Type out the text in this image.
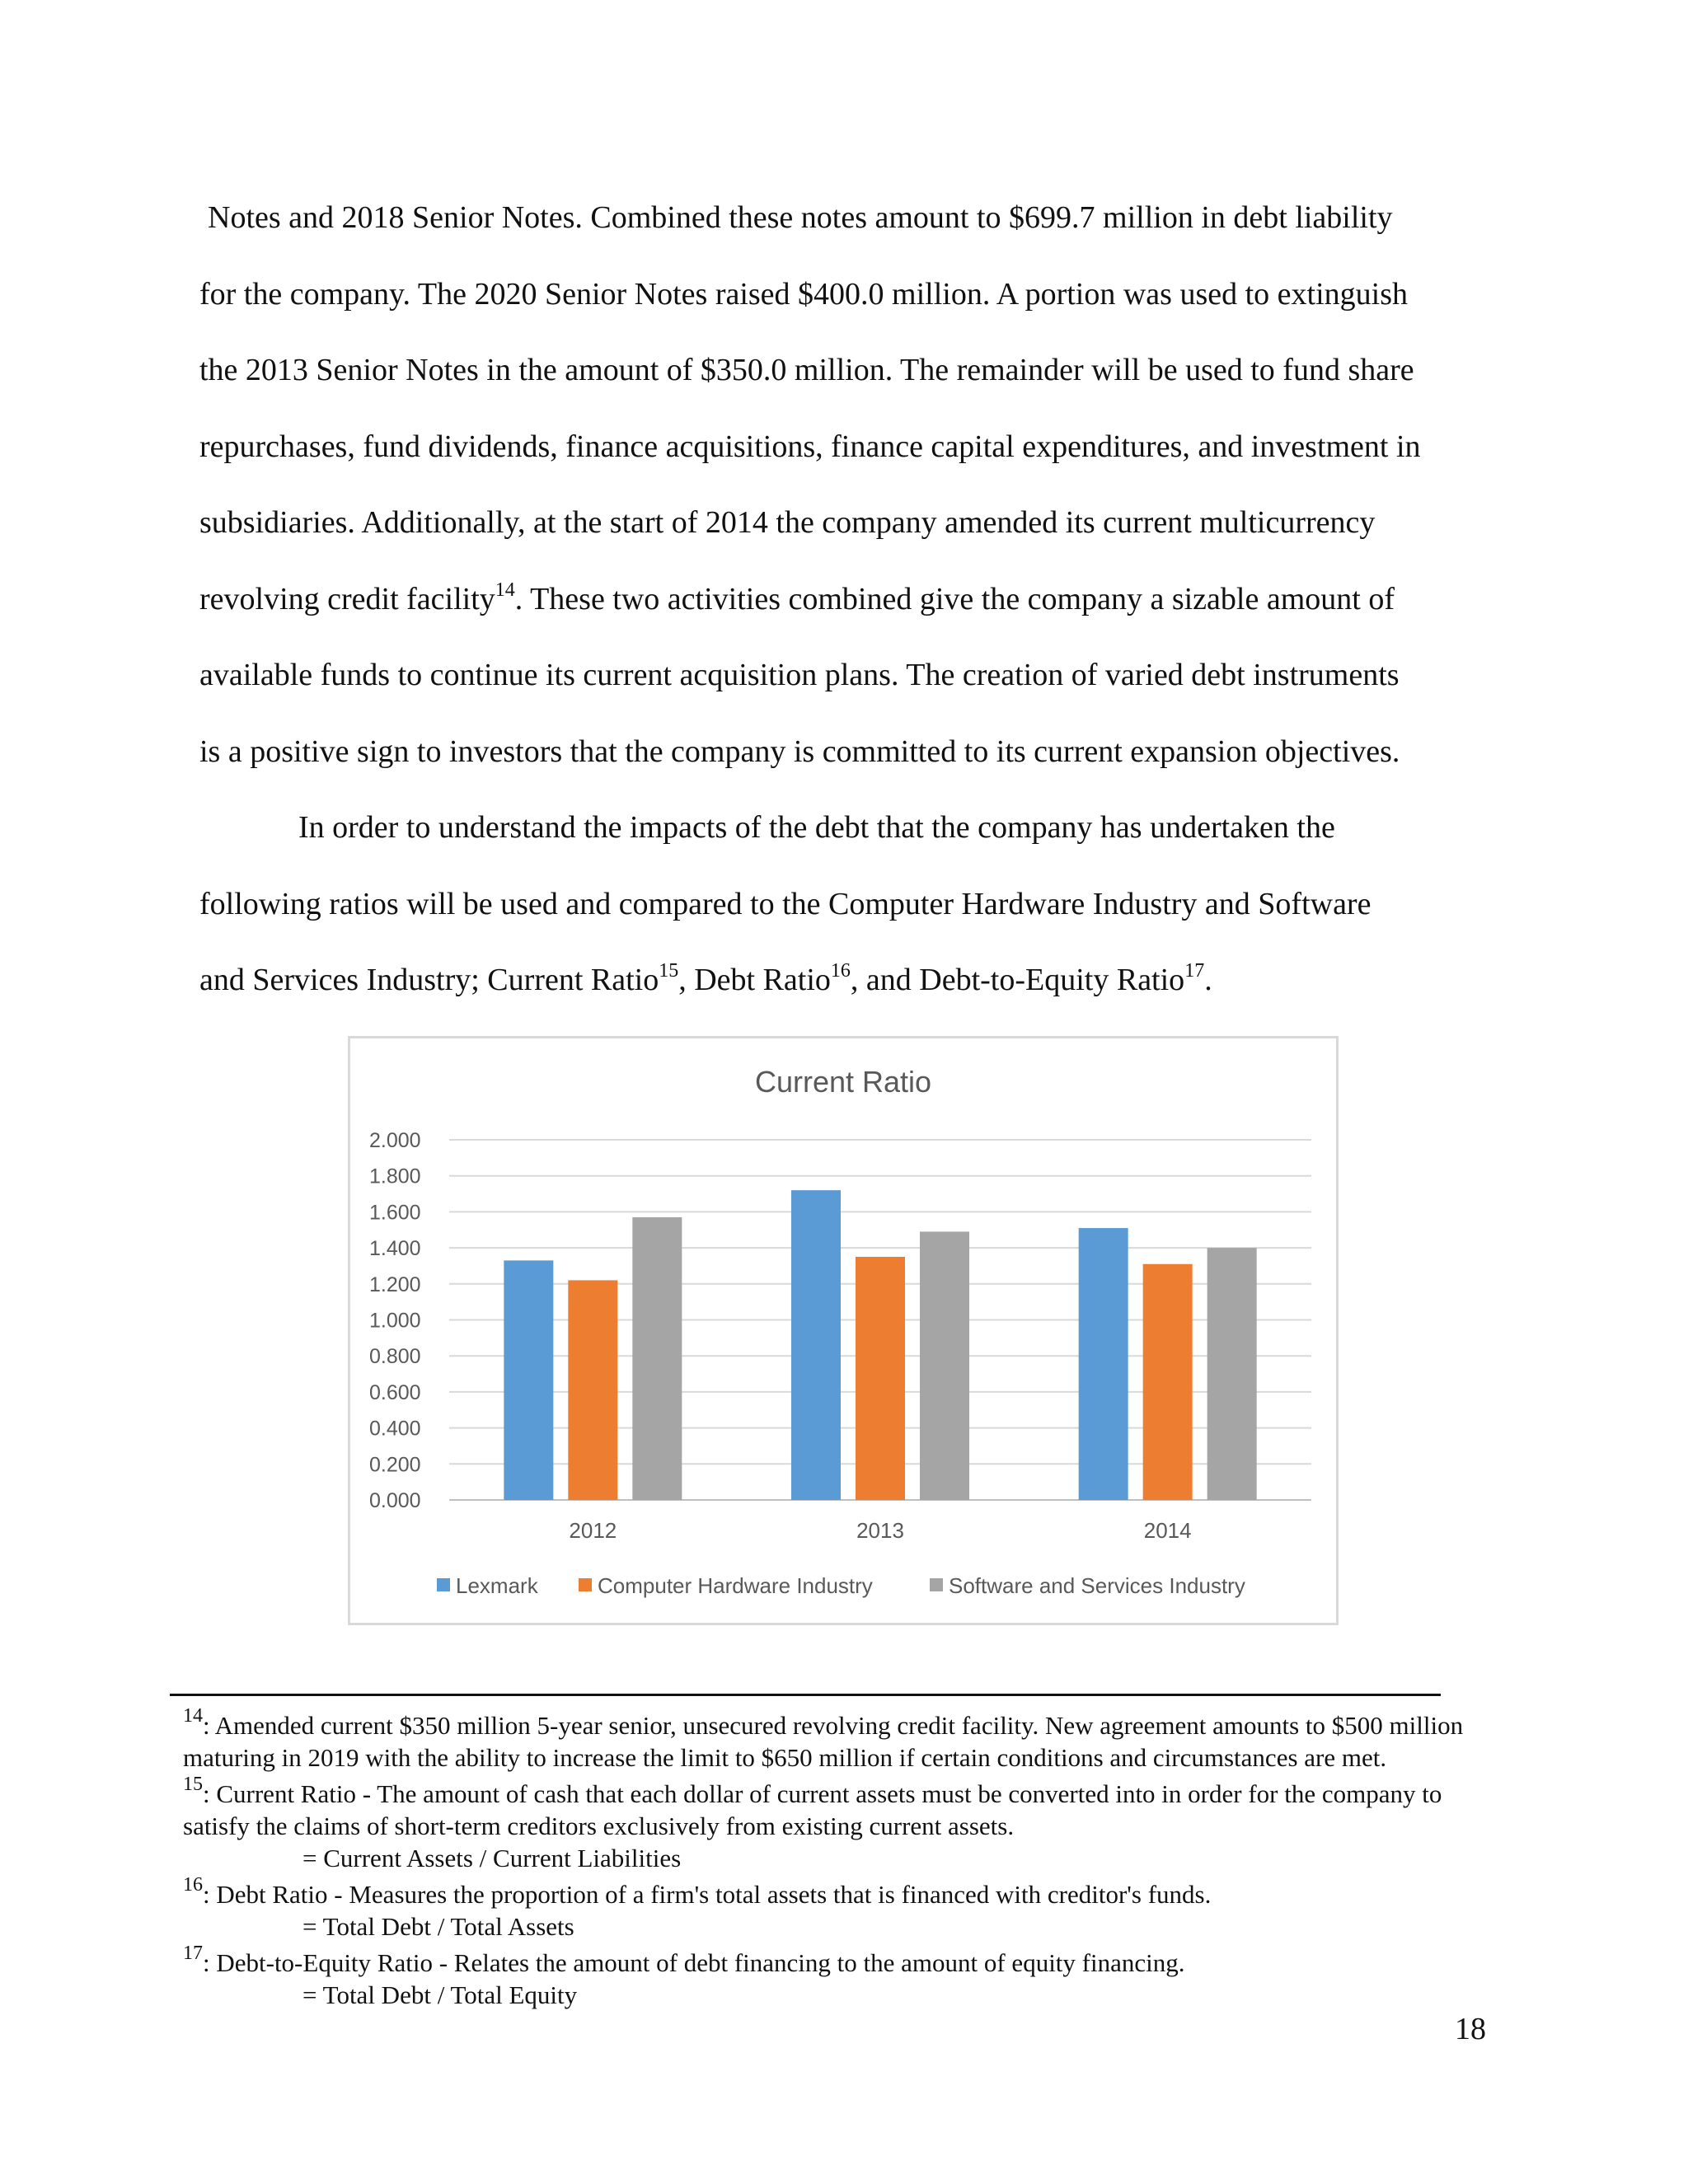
Notes and 2018 Senior Notes. Combined these notes amount to $699.7 million in debt liability
for the company. The 2020 Senior Notes raised $400.0 million. A portion was used to extinguish
the 2013 Senior Notes in the amount of $350.0 million. The remainder will be used to fund share
repurchases, fund dividends, finance acquisitions, finance capital expenditures, and investment in
subsidiaries. Additionally, at the start of 2014 the company amended its current multicurrency
revolving credit facility$^{14}$. These two activities combined give the company a sizable amount of
available funds to continue its current acquisition plans. The creation of varied debt instruments
is a positive sign to investors that the company is committed to its current expansion objectives.
In order to understand the impacts of the debt that the company has undertaken the
following ratios will be used and compared to the Computer Hardware Industry and Software
and Services Industry; Current Ratio$^{15}$, Debt Ratio$^{16}$, and Debt-to-Equity Ratio$^{17}$.
Current Ratio
0.000
0.200
0.400
0.600
0.800
1.000
1.200
1.400
1.600
1.800
2.000
2012	2013	2014
Lexmark	Computer Hardware Industry	Software and Services Industry
$^{14}$: Amended current $350 million 5-year senior, unsecured revolving credit facility. New agreement amounts to $500 million maturing in 2019 with the ability to increase the limit to $650 million if certain conditions and circumstances are met.
$^{15}$: Current Ratio - The amount of cash that each dollar of current assets must be converted into in order for the company to satisfy the claims of short-term creditors exclusively from existing current assets.
= Current Assets / Current Liabilities
$^{16}$: Debt Ratio - Measures the proportion of a firm's total assets that is financed with creditor's funds.
= Total Debt / Total Assets
$^{17}$: Debt-to-Equity Ratio - Relates the amount of debt financing to the amount of equity financing.
= Total Debt / Total Equity
18
